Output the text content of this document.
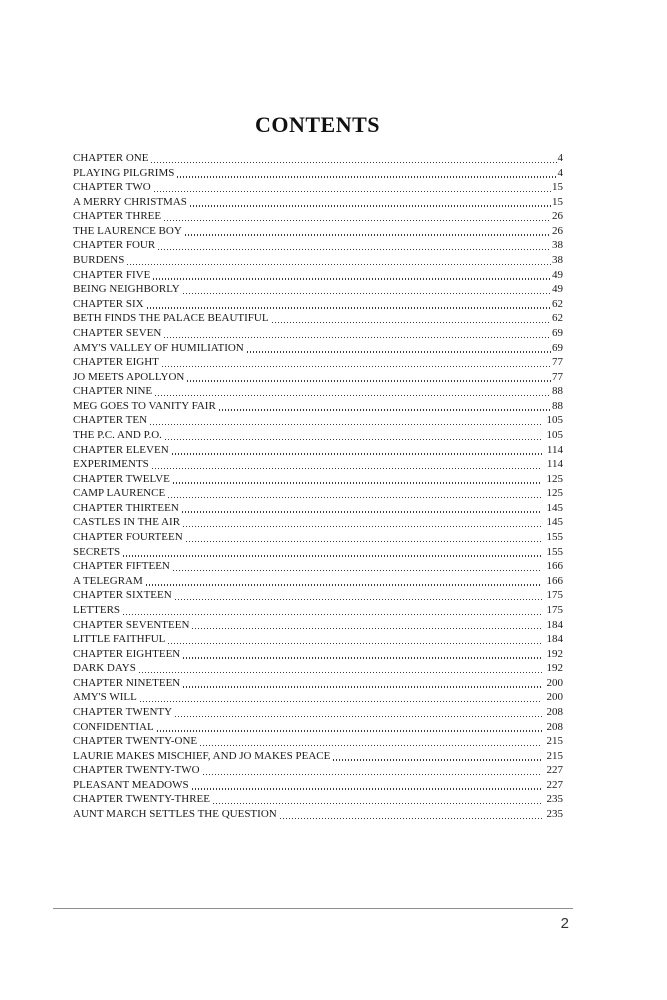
CONTENTS
CHAPTER ONE	4
PLAYING PILGRIMS	4
CHAPTER TWO	15
A MERRY CHRISTMAS	15
CHAPTER THREE	26
THE LAURENCE BOY	26
CHAPTER FOUR	38
BURDENS	38
CHAPTER FIVE	49
BEING NEIGHBORLY	49
CHAPTER SIX	62
BETH FINDS THE PALACE BEAUTIFUL	62
CHAPTER SEVEN	69
AMY'S VALLEY OF HUMILIATION	69
CHAPTER EIGHT	77
JO MEETS APOLLYON	77
CHAPTER NINE	88
MEG GOES TO VANITY FAIR	88
CHAPTER TEN	105
THE P.C. AND P.O.	105
CHAPTER ELEVEN	114
EXPERIMENTS	114
CHAPTER TWELVE	125
CAMP LAURENCE	125
CHAPTER THIRTEEN	145
CASTLES IN THE AIR	145
CHAPTER FOURTEEN	155
SECRETS	155
CHAPTER FIFTEEN	166
A TELEGRAM	166
CHAPTER SIXTEEN	175
LETTERS	175
CHAPTER SEVENTEEN	184
LITTLE FAITHFUL	184
CHAPTER EIGHTEEN	192
DARK DAYS	192
CHAPTER NINETEEN	200
AMY'S WILL	200
CHAPTER TWENTY	208
CONFIDENTIAL	208
CHAPTER TWENTY-ONE	215
LAURIE MAKES MISCHIEF, AND JO MAKES PEACE	215
CHAPTER TWENTY-TWO	227
PLEASANT MEADOWS	227
CHAPTER TWENTY-THREE	235
AUNT MARCH SETTLES THE QUESTION	235
2
